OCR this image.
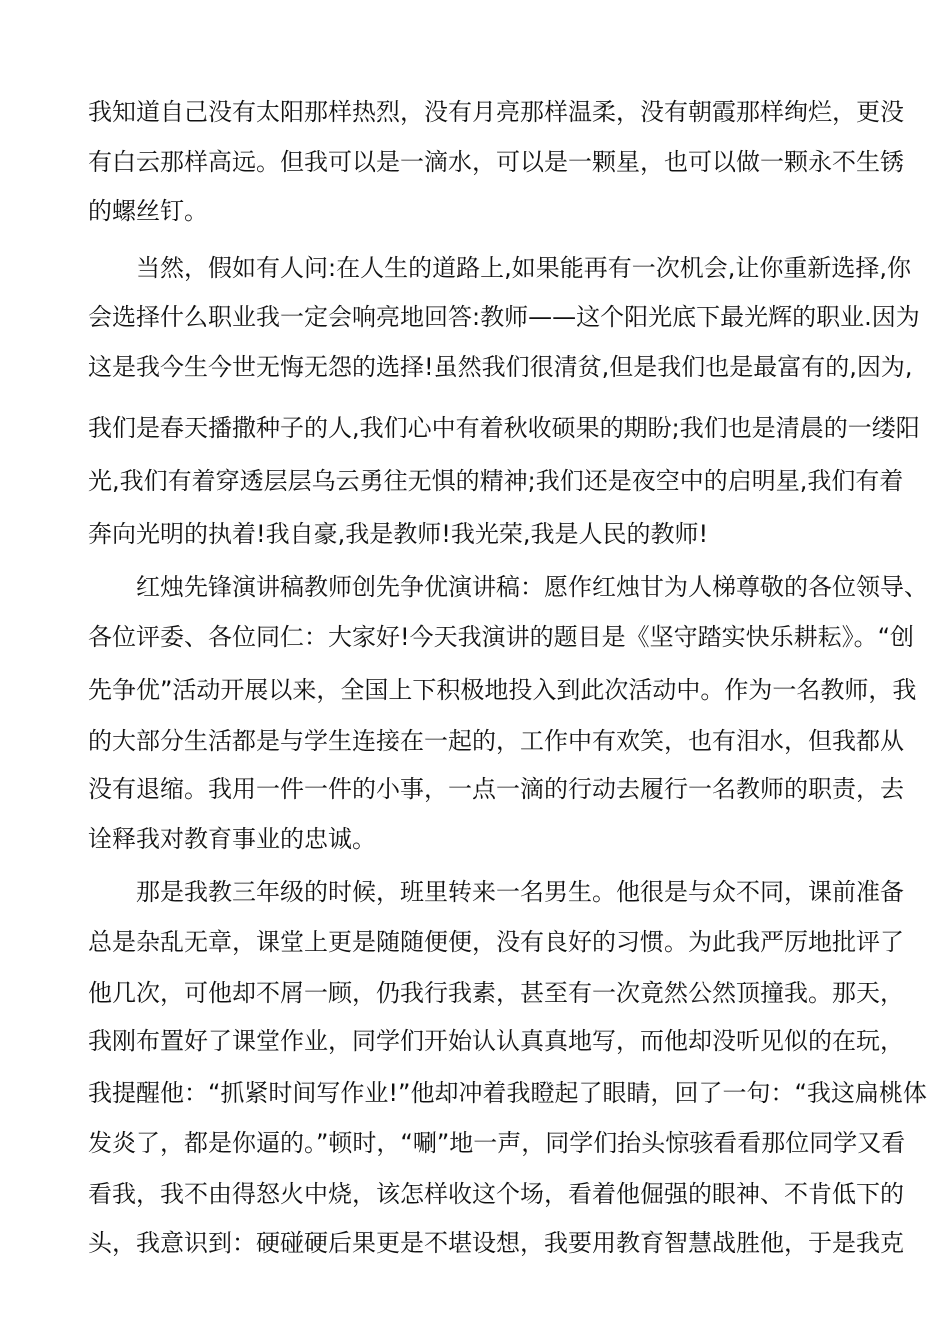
我知道自己没有太阳那样热烈，没有月亮那样温柔，没有朝霞那样绚烂，更没

有白云那样高远。但我可以是一滴水，可以是一颗星，也可以做一颗永不生锈

的螺丝钉。

当然，假如有人问:在人生的道路上,如果能再有一次机会,让你重新选择,你

会选择什么职业我一定会响亮地回答:教师——这个阳光底下最光辉的职业.因为

这是我今生今世无悔无怨的选择!虽然我们很清贫,但是我们也是最富有的,因为,

我们是春天播撒种子的人,我们心中有着秋收硕果的期盼;我们也是清晨的一缕阳

光,我们有着穿透层层乌云勇往无惧的精神;我们还是夜空中的启明星,我们有着

奔向光明的执着!我自豪,我是教师!我光荣,我是人民的教师!

红烛先锋演讲稿教师创先争优演讲稿：愿作红烛甘为人梯尊敬的各位领导、

各位评委、各位同仁：大家好!今天我演讲的题目是《坚守踏实快乐耕耘》。“创

先争优”活动开展以来，全国上下积极地投入到此次活动中。作为一名教师，我

的大部分生活都是与学生连接在一起的，工作中有欢笑，也有泪水，但我都从

没有退缩。我用一件一件的小事，一点一滴的行动去履行一名教师的职责，去

诠释我对教育事业的忠诚。

那是我教三年级的时候，班里转来一名男生。他很是与众不同，课前准备

总是杂乱无章，课堂上更是随随便便，没有良好的习惯。为此我严厉地批评了

他几次，可他却不屑一顾，仍我行我素，甚至有一次竟然公然顶撞我。那天，

我刚布置好了课堂作业，同学们开始认认真真地写，而他却没听见似的在玩，

我提醒他：“抓紧时间写作业!”他却冲着我瞪起了眼睛，回了一句：“我这扁桃体

发炎了，都是你逼的。”顿时，“唰”地一声，同学们抬头惊骇看看那位同学又看

看我，我不由得怒火中烧，该怎样收这个场，看着他倔强的眼神、不肯低下的

头，我意识到：硬碰硬后果更是不堪设想，我要用教育智慧战胜他，于是我克
